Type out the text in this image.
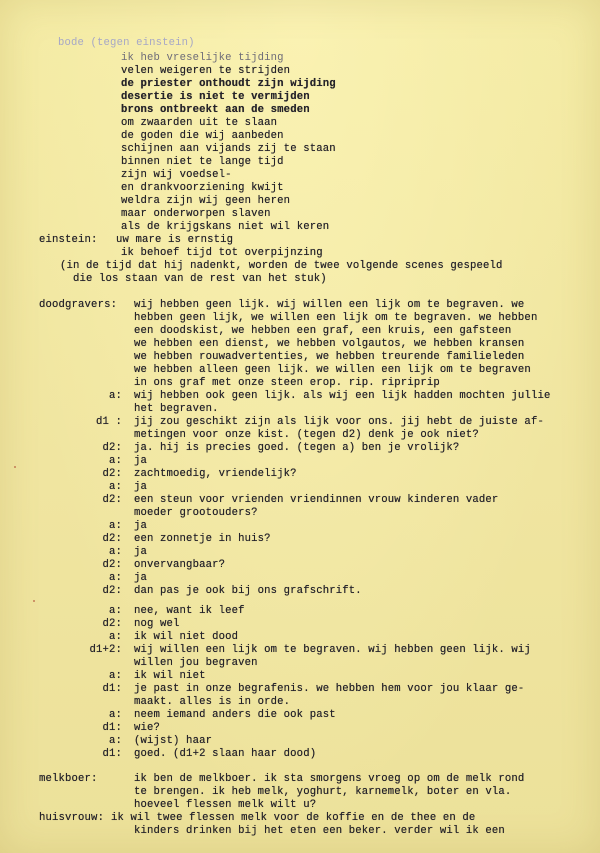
bode (tegen einstein)
ik heb vreselijke tijding
velen weigeren te strijden
de priester onthoudt zijn wijding
desertie is niet te vermijden
brons ontbreekt aan de smeden
om zwaarden uit te slaan
de goden die wij aanbeden
schijnen aan vijands zij te staan
binnen niet te lange tijd
zijn wij voedsel-
en drankvoorziening kwijt
weldra zijn wij geen heren
maar onderworpen slaven
als de krijgskans niet wil keren
einstein: uw mare is ernstig
ik behoef tijd tot overpijnzing
(in de tijd dat hij nadenkt, worden de twee volgende scenes gespeeld
die los staan van de rest van het stuk)
doodgravers: wij hebben geen lijk. wij willen een lijk om te begraven. we
hebben geen lijk, we willen een lijk om te begraven. we hebben
een doodskist, we hebben een graf, een kruis, een gafsteen
we hebben een dienst, we hebben volgautos, we hebben kransen
we hebben rouwadvertenties, we hebben treurende familieleden
we hebben alleen geen lijk. we willen een lijk om te begraven
in ons graf met onze steen erop. rip. ripriprip
a: wij hebben ook geen lijk. als wij een lijk hadden mochten jullie
het begraven.
d1 : jij zou geschikt zijn als lijk voor ons. jij hebt de juiste af-
metingen voor onze kist. (tegen d2) denk je ook niet?
d2: ja. hij is precies goed. (tegen a) ben je vrolijk?
a: ja
d2: zachtmoedig, vriendelijk?
a: ja
d2: een steun voor vrienden vriendinnen vrouw kinderen vader
moeder grootouders?
a: ja
d2: een zonnetje in huis?
a: ja
d2: onvervangbaar?
a: ja
d2: dan pas je ook bij ons grafschrift.
a: nee, want ik leef
d2: nog wel
a: ik wil niet dood
d1+2: wij willen een lijk om te begraven. wij hebben geen lijk. wij
willen jou begraven
a: ik wil niet
d1: je past in onze begrafenis. we hebben hem voor jou klaar ge-
maakt. alles is in orde.
a: neem iemand anders die ook past
d1: wie?
a: (wijst) haar
d1: goed. (d1+2 slaan haar dood)
melkboer:	ik ben de melkboer. ik sta smorgens vroeg op om de melk rond
te brengen. ik heb melk, yoghurt, karnemelk, boter en vla.
hoeveel flessen melk wilt u?
huisvrouw: ik wil twee flessen melk voor de koffie en de thee en de
kinders drinken bij het eten een beker. verder wil ik een
